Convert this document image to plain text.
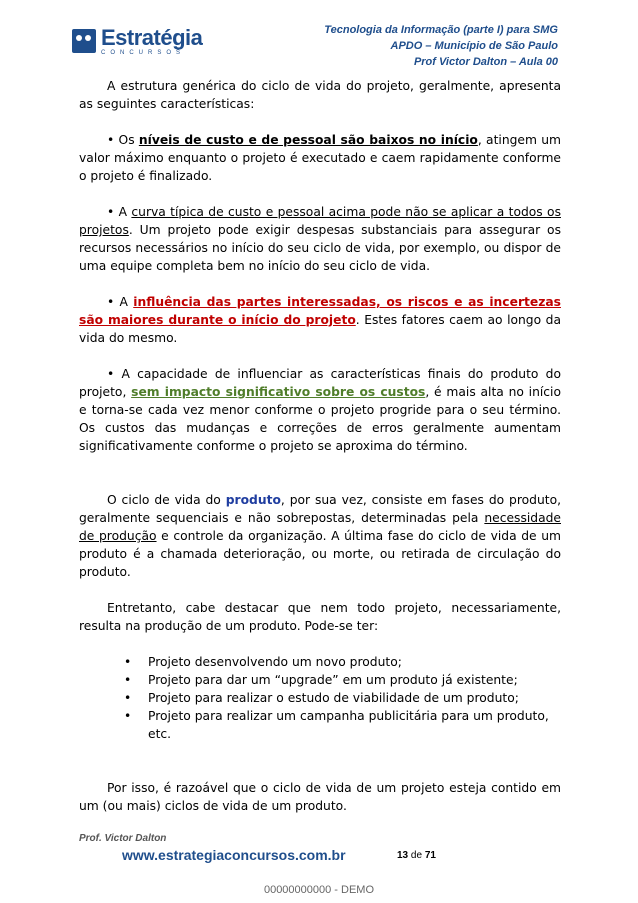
Estratégia
CONCURSOS
Tecnologia da Informação (parte I) para SMG
APDO – Município de São Paulo
Prof Victor Dalton – Aula 00

A estrutura genérica do ciclo de vida do projeto, geralmente, apresenta as seguintes características:

• Os níveis de custo e de pessoal são baixos no início, atingem um valor máximo enquanto o projeto é executado e caem rapidamente conforme o projeto é finalizado.

• A curva típica de custo e pessoal acima pode não se aplicar a todos os projetos. Um projeto pode exigir despesas substanciais para assegurar os recursos necessários no início do seu ciclo de vida, por exemplo, ou dispor de uma equipe completa bem no início do seu ciclo de vida.

• A influência das partes interessadas, os riscos e as incertezas são maiores durante o início do projeto. Estes fatores caem ao longo da vida do mesmo.

• A capacidade de influenciar as características finais do produto do projeto, sem impacto significativo sobre os custos, é mais alta no início e torna-se cada vez menor conforme o projeto progride para o seu término. Os custos das mudanças e correções de erros geralmente aumentam significativamente conforme o projeto se aproxima do término.

O ciclo de vida do produto, por sua vez, consiste em fases do produto, geralmente sequenciais e não sobrepostas, determinadas pela necessidade de produção e controle da organização. A última fase do ciclo de vida de um produto é a chamada deterioração, ou morte, ou retirada de circulação do produto.

Entretanto, cabe destacar que nem todo projeto, necessariamente, resulta na produção de um produto. Pode-se ter:

• Projeto desenvolvendo um novo produto;
• Projeto para dar um “upgrade” em um produto já existente;
• Projeto para realizar o estudo de viabilidade de um produto;
• Projeto para realizar um campanha publicitária para um produto, etc.

Por isso, é razoável que o ciclo de vida de um projeto esteja contido em um (ou mais) ciclos de vida de um produto.

Prof. Victor Dalton
www.estrategiaconcursos.com.br	13 de 71
00000000000 - DEMO
